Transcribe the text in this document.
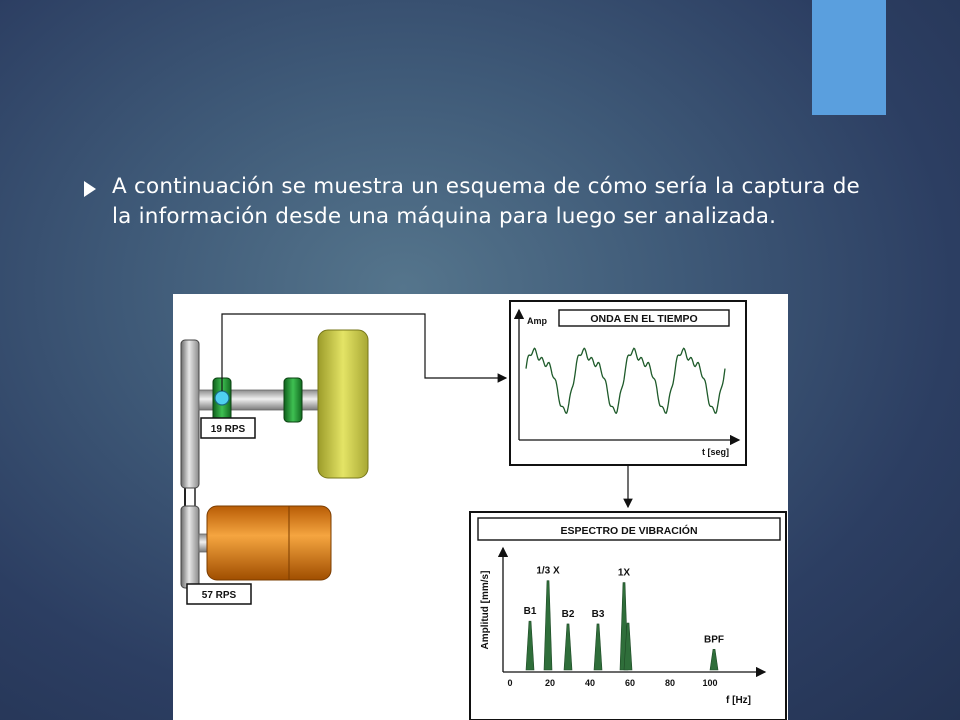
A continuación se muestra un esquema de cómo sería la captura de la información desde una máquina para luego ser analizada.
19 RPS
57 RPS
ONDA EN EL TIEMPO
Amp
t [seg]
ESPECTRO DE VIBRACIÓN
Amplitud [mm/s]
f [Hz]
0	20	40	60	80	100
B1
1/3 X
B2 B3
1X
BPF
